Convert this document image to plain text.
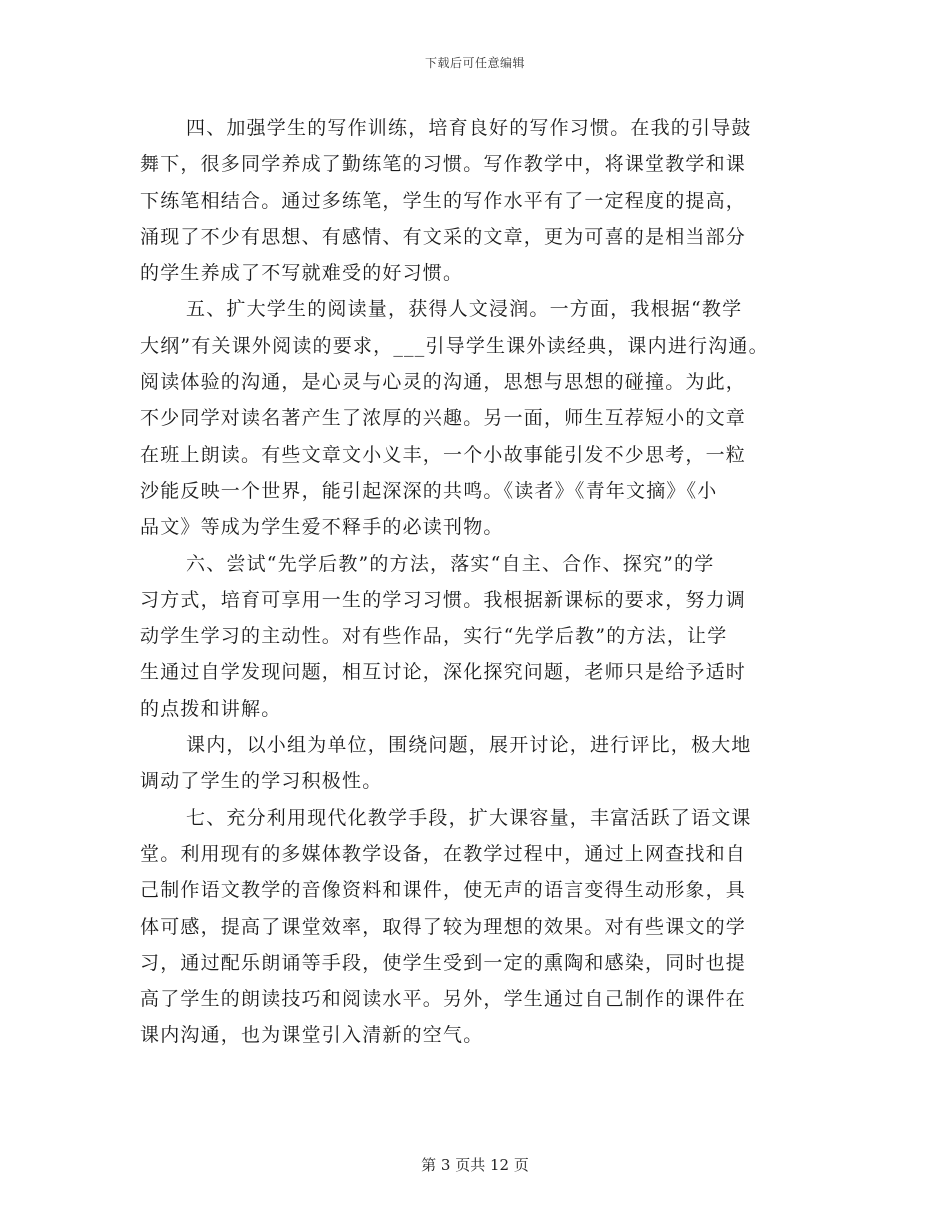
下载后可任意编辑
四、加强学生的写作训练，培育良好的写作习惯。在我的引导鼓
舞下，很多同学养成了勤练笔的习惯。写作教学中，将课堂教学和课
下练笔相结合。通过多练笔，学生的写作水平有了一定程度的提高，
涌现了不少有思想、有感情、有文采的文章，更为可喜的是相当部分
的学生养成了不写就难受的好习惯。
五、扩大学生的阅读量，获得人文浸润。一方面，我根据“教学
大纲”有关课外阅读的要求，___引导学生课外读经典，课内进行沟通。
阅读体验的沟通，是心灵与心灵的沟通，思想与思想的碰撞。为此，
不少同学对读名著产生了浓厚的兴趣。另一面，师生互荐短小的文章
在班上朗读。有些文章文小义丰，一个小故事能引发不少思考，一粒
沙能反映一个世界，能引起深深的共鸣。《读者》《青年文摘》《小
品文》等成为学生爱不释手的必读刊物。
六、尝试“先学后教”的方法，落实“自主、合作、探究”的学
习方式，培育可享用一生的学习习惯。我根据新课标的要求，努力调
动学生学习的主动性。对有些作品，实行“先学后教”的方法，让学
生通过自学发现问题，相互讨论，深化探究问题，老师只是给予适时
的点拨和讲解。
课内，以小组为单位，围绕问题，展开讨论，进行评比，极大地
调动了学生的学习积极性。
七、充分利用现代化教学手段，扩大课容量，丰富活跃了语文课
堂。利用现有的多媒体教学设备，在教学过程中，通过上网查找和自
己制作语文教学的音像资料和课件，使无声的语言变得生动形象，具
体可感，提高了课堂效率，取得了较为理想的效果。对有些课文的学
习，通过配乐朗诵等手段，使学生受到一定的熏陶和感染，同时也提
高了学生的朗读技巧和阅读水平。另外，学生通过自己制作的课件在
课内沟通，也为课堂引入清新的空气。
第 3 页共 12 页
